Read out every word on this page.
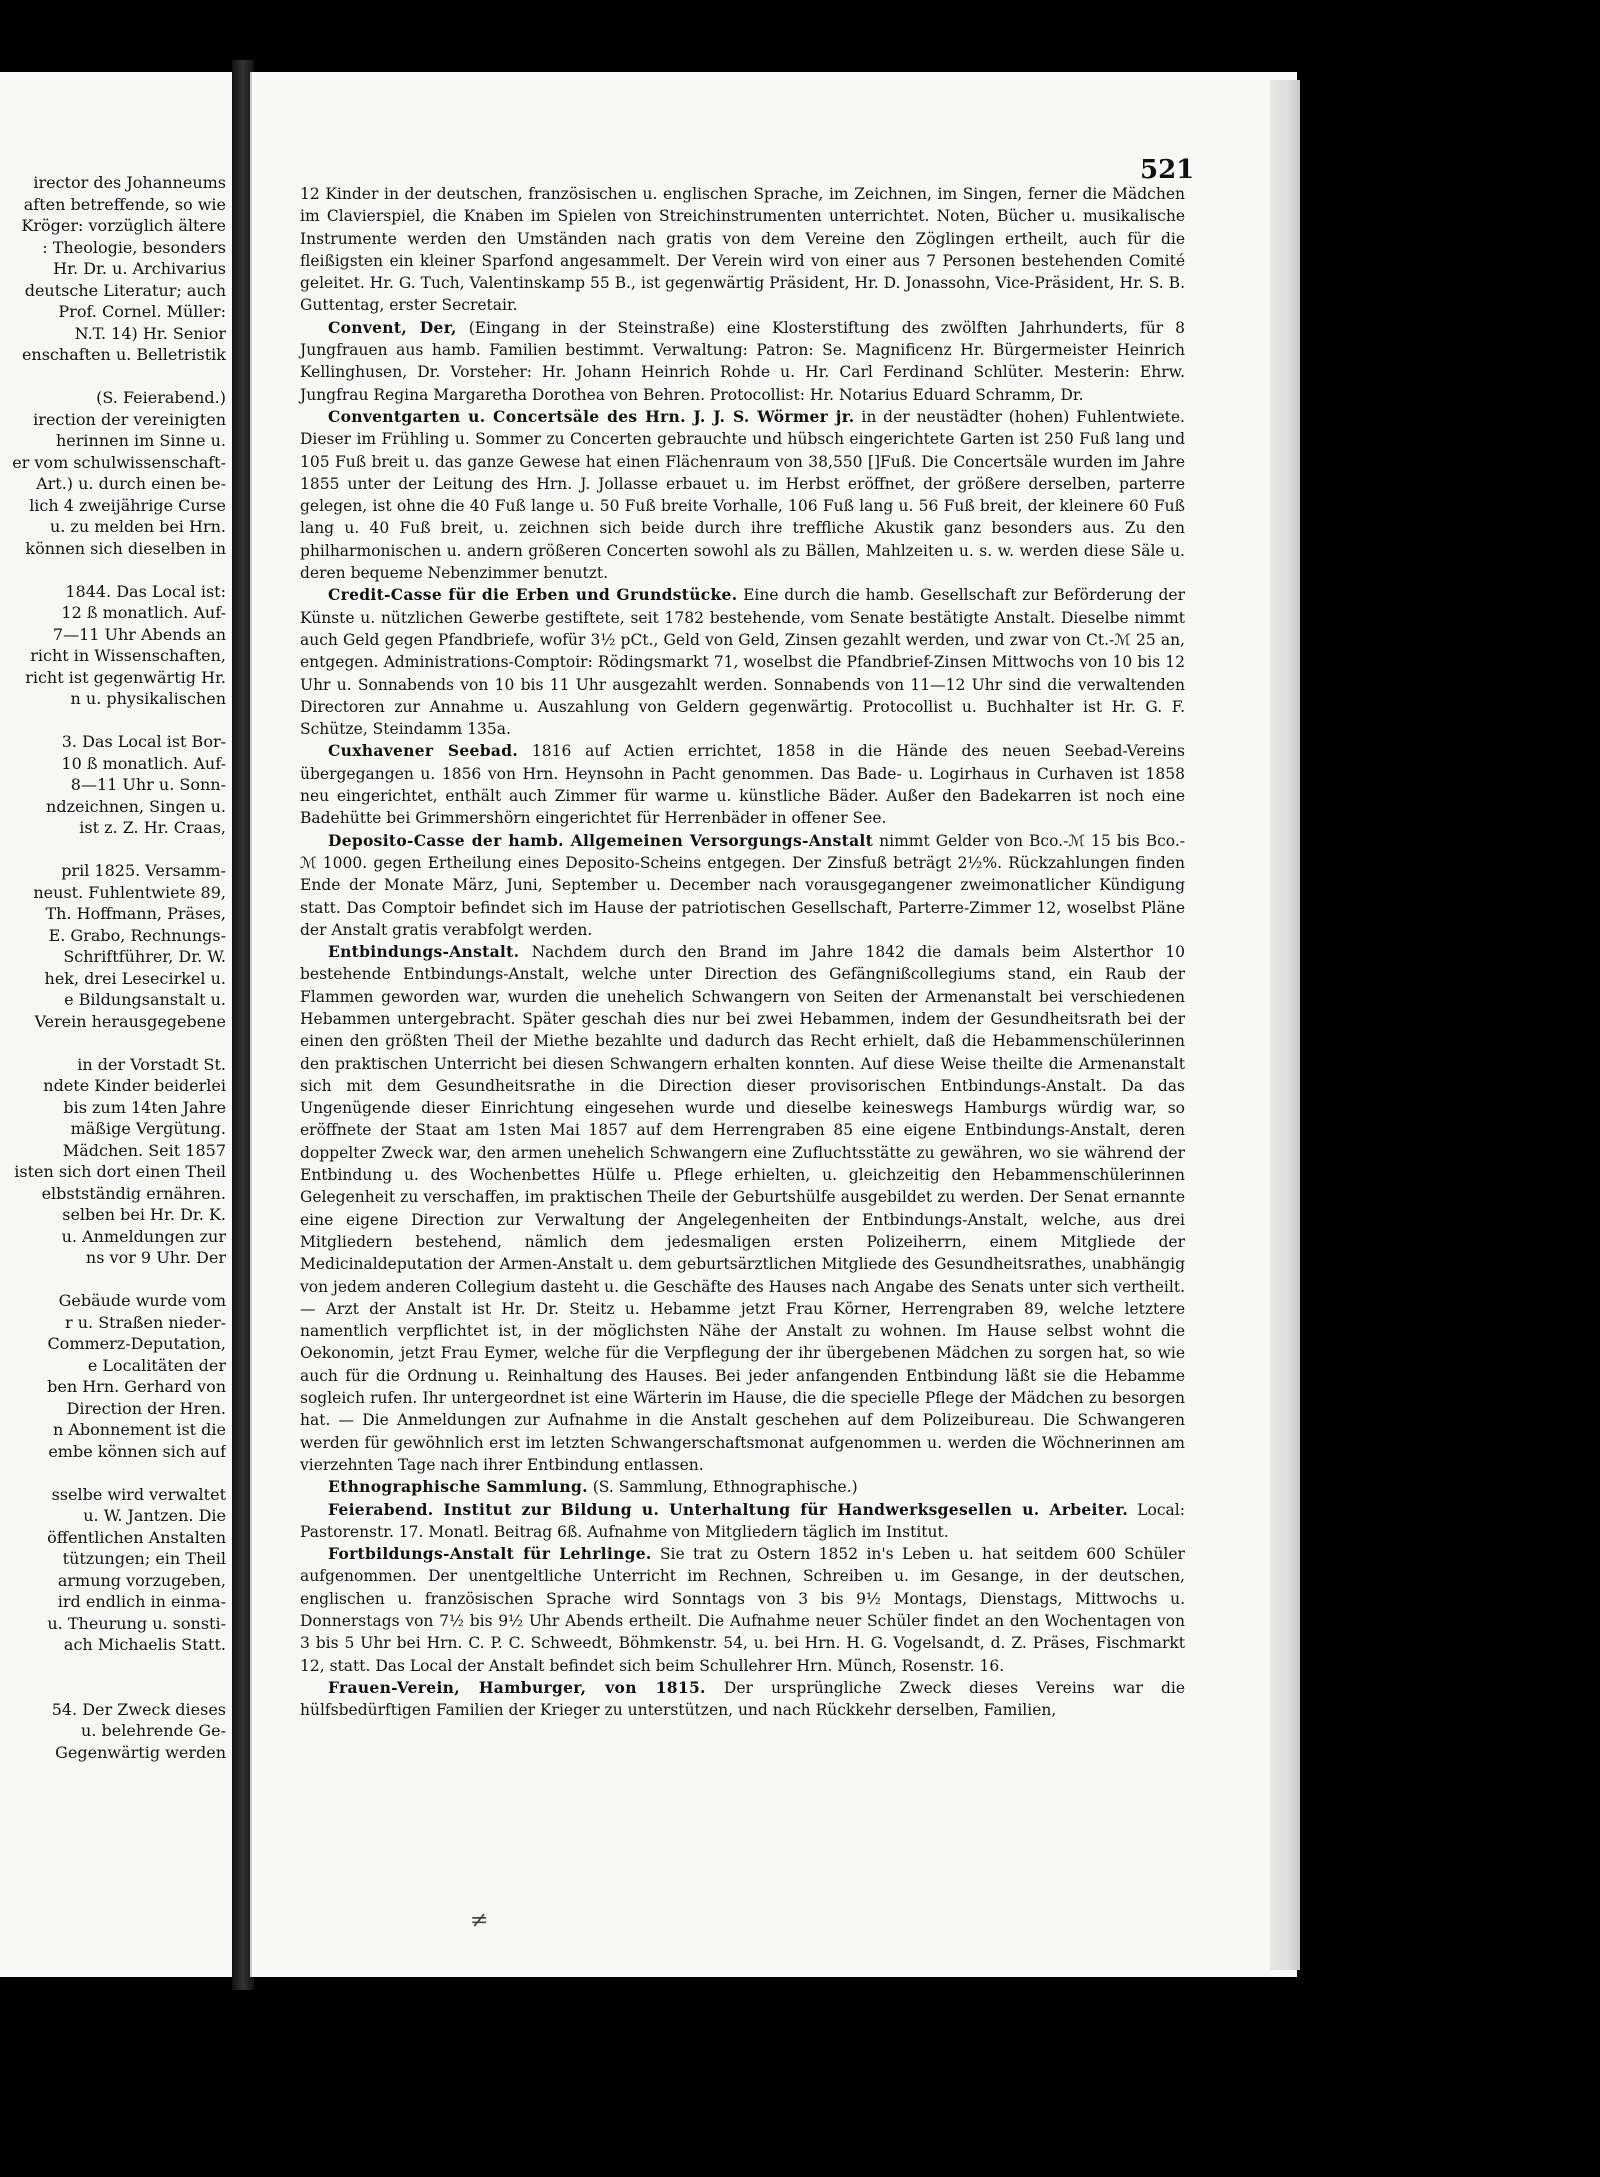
irector des Johanneums
aften betreffende, so wie
Kröger: vorzüglich ältere
: Theologie, besonders
Hr. Dr. u. Archivarius
deutsche Literatur; auch
Prof. Cornel. Müller:
N.T. 14) Hr. Senior
enschaften u. Belletristik
(S. Feierabend.)
irection der vereinigten
herinnen im Sinne u.
er vom schulwissenschaft-
Art.) u. durch einen be-
lich 4 zweijährige Curse
u. zu melden bei Hrn.
können sich dieselben in
1844. Das Local ist:
12 ß monatlich. Auf-
7—11 Uhr Abends an
richt in Wissenschaften,
richt ist gegenwärtig Hr.
n u. physikalischen
3. Das Local ist Bor-
10 ß monatlich. Auf-
8—11 Uhr u. Sonn-
ndzeichnen, Singen u.
ist z. Z. Hr. Craas,
pril 1825. Versamm-
neust. Fuhlentwiete 89,
Th. Hoffmann, Präses,
E. Grabo, Rechnungs-
Schriftführer, Dr. W.
hek, drei Lesecirkel u.
e Bildungsanstalt u.
Verein herausgegebene
in der Vorstadt St.
ndete Kinder beiderlei
bis zum 14ten Jahre
mäßige Vergütung.
Mädchen. Seit 1857
isten sich dort einen Theil
elbstständig ernähren.
selben bei Hr. Dr. K.
u. Anmeldungen zur
ns vor 9 Uhr. Der
Gebäude wurde vom
r u. Straßen nieder-
Commerz-Deputation,
e Localitäten der
ben Hrn. Gerhard von
Direction der Hren.
n Abonnement ist die
embe können sich auf
sselbe wird verwaltet
u. W. Jantzen. Die
öffentlichen Anstalten
tützungen; ein Theil
armung vorzugeben,
ird endlich in einma-
u. Theurung u. sonsti-
ach Michaelis Statt.
54. Der Zweck dieses
u. belehrende Ge-
Gegenwärtig werden
521

12 Kinder in der deutschen, französischen u. englischen Sprache, im Zeichnen, im Singen, ferner die Mädchen im Clavierspiel, die Knaben im Spielen von Streichinstrumenten unterrichtet. Noten, Bücher u. musikalische Instrumente werden den Umständen nach gratis von dem Vereine den Zöglingen ertheilt, auch für die fleißigsten ein kleiner Sparfond angesammelt. Der Verein wird von einer aus 7 Personen bestehenden Comité geleitet. Hr. G. Tuch, Valentinskamp 55 B., ist gegenwärtig Präsident, Hr. D. Jonassohn, Vice-Präsident, Hr. S. B. Guttentag, erster Secretair.

Convent, Der, (Eingang in der Steinstraße) eine Klosterstiftung des zwölften Jahrhunderts, für 8 Jungfrauen aus hamb. Familien bestimmt. Verwaltung: Patron: Se. Magnificenz Hr. Bürgermeister Heinrich Kellinghusen, Dr. Vorsteher: Hr. Johann Heinrich Rohde u. Hr. Carl Ferdinand Schlüter. Mesterin: Ehrw. Jungfrau Regina Margaretha Dorothea von Behren. Protocollist: Hr. Notarius Eduard Schramm, Dr.

Conventgarten u. Concertsäle des Hrn. J. J. S. Wörmer jr. in der neustädter (hohen) Fuhlentwiete. Dieser im Frühling u. Sommer zu Concerten gebrauchte und hübsch eingerichtete Garten ist 250 Fuß lang und 105 Fuß breit u. das ganze Gewese hat einen Flächenraum von 38,550 []Fuß. Die Concertsäle wurden im Jahre 1855 unter der Leitung des Hrn. J. Jollasse erbauet u. im Herbst eröffnet, der größere derselben, parterre gelegen, ist ohne die 40 Fuß lange u. 50 Fuß breite Vorhalle, 106 Fuß lang u. 56 Fuß breit, der kleinere 60 Fuß lang u. 40 Fuß breit, u. zeichnen sich beide durch ihre treffliche Akustik ganz besonders aus. Zu den philharmonischen u. andern größeren Concerten sowohl als zu Bällen, Mahlzeiten u. s. w. werden diese Säle u. deren bequeme Nebenzimmer benutzt.

Credit-Casse für die Erben und Grundstücke. Eine durch die hamb. Gesellschaft zur Beförderung der Künste u. nützlichen Gewerbe gestiftete, seit 1782 bestehende, vom Senate bestätigte Anstalt. Dieselbe nimmt auch Geld gegen Pfandbriefe, wofür 3½ pCt., Geld von Geld, Zinsen gezahlt werden, und zwar von Ct.-ℳ 25 an, entgegen. Administrations-Comptoir: Rödingsmarkt 71, woselbst die Pfandbrief-Zinsen Mittwochs von 10 bis 12 Uhr u. Sonnabends von 10 bis 11 Uhr ausgezahlt werden. Sonnabends von 11—12 Uhr sind die verwaltenden Directoren zur Annahme u. Auszahlung von Geldern gegenwärtig. Protocollist u. Buchhalter ist Hr. G. F. Schütze, Steindamm 135a.

Cuxhavener Seebad. 1816 auf Actien errichtet, 1858 in die Hände des neuen Seebad-Vereins übergegangen u. 1856 von Hrn. Heynsohn in Pacht genommen. Das Bade- u. Logirhaus in Curhaven ist 1858 neu eingerichtet, enthält auch Zimmer für warme u. künstliche Bäder. Außer den Badekarren ist noch eine Badehütte bei Grimmershörn eingerichtet für Herrenbäder in offener See.

Deposito-Casse der hamb. Allgemeinen Versorgungs-Anstalt nimmt Gelder von Bco.-ℳ 15 bis Bco.-ℳ 1000. gegen Ertheilung eines Deposito-Scheins entgegen. Der Zinsfuß beträgt 2½%. Rückzahlungen finden Ende der Monate März, Juni, September u. December nach vorausgegangener zweimonatlicher Kündigung statt. Das Comptoir befindet sich im Hause der patriotischen Gesellschaft, Parterre-Zimmer 12, woselbst Pläne der Anstalt gratis verabfolgt werden.

Entbindungs-Anstalt. Nachdem durch den Brand im Jahre 1842 die damals beim Alsterthor 10 bestehende Entbindungs-Anstalt, welche unter Direction des Gefängnißcollegiums stand, ein Raub der Flammen geworden war, wurden die unehelich Schwangern von Seiten der Armenanstalt bei verschiedenen Hebammen untergebracht. Später geschah dies nur bei zwei Hebammen, indem der Gesundheitsrath bei der einen den größten Theil der Miethe bezahlte und dadurch das Recht erhielt, daß die Hebammenschülerinnen den praktischen Unterricht bei diesen Schwangern erhalten konnten. Auf diese Weise theilte die Armenanstalt sich mit dem Gesundheitsrathe in die Direction dieser provisorischen Entbindungs-Anstalt. Da das Ungenügende dieser Einrichtung eingesehen wurde und dieselbe keineswegs Hamburgs würdig war, so eröffnete der Staat am 1sten Mai 1857 auf dem Herrengraben 85 eine eigene Entbindungs-Anstalt, deren doppelter Zweck war, den armen unehelich Schwangern eine Zufluchtsstätte zu gewähren, wo sie während der Entbindung u. des Wochenbettes Hülfe u. Pflege erhielten, u. gleichzeitig den Hebammenschülerinnen Gelegenheit zu verschaffen, im praktischen Theile der Geburtshülfe ausgebildet zu werden. Der Senat ernannte eine eigene Direction zur Verwaltung der Angelegenheiten der Entbindungs-Anstalt, welche, aus drei Mitgliedern bestehend, nämlich dem jedesmaligen ersten Polizeiherrn, einem Mitgliede der Medicinaldeputation der Armen-Anstalt u. dem geburtsärztlichen Mitgliede des Gesundheitsrathes, unabhängig von jedem anderen Collegium dasteht u. die Geschäfte des Hauses nach Angabe des Senats unter sich vertheilt. — Arzt der Anstalt ist Hr. Dr. Steitz u. Hebamme jetzt Frau Körner, Herrengraben 89, welche letztere namentlich verpflichtet ist, in der möglichsten Nähe der Anstalt zu wohnen. Im Hause selbst wohnt die Oekonomin, jetzt Frau Eymer, welche für die Verpflegung der ihr übergebenen Mädchen zu sorgen hat, so wie auch für die Ordnung u. Reinhaltung des Hauses. Bei jeder anfangenden Entbindung läßt sie die Hebamme sogleich rufen. Ihr untergeordnet ist eine Wärterin im Hause, die die specielle Pflege der Mädchen zu besorgen hat. — Die Anmeldungen zur Aufnahme in die Anstalt geschehen auf dem Polizeibureau. Die Schwangeren werden für gewöhnlich erst im letzten Schwangerschaftsmonat aufgenommen u. werden die Wöchnerinnen am vierzehnten Tage nach ihrer Entbindung entlassen.

Ethnographische Sammlung. (S. Sammlung, Ethnographische.)

Feierabend. Institut zur Bildung u. Unterhaltung für Handwerksgesellen u. Arbeiter. Local: Pastorenstr. 17. Monatl. Beitrag 6ß. Aufnahme von Mitgliedern täglich im Institut.

Fortbildungs-Anstalt für Lehrlinge. Sie trat zu Ostern 1852 in's Leben u. hat seitdem 600 Schüler aufgenommen. Der unentgeltliche Unterricht im Rechnen, Schreiben u. im Gesange, in der deutschen, englischen u. französischen Sprache wird Sonntags von 3 bis 9½ Montags, Dienstags, Mittwochs u. Donnerstags von 7½ bis 9½ Uhr Abends ertheilt. Die Aufnahme neuer Schüler findet an den Wochentagen von 3 bis 5 Uhr bei Hrn. C. P. C. Schweedt, Böhmkenstr. 54, u. bei Hrn. H. G. Vogelsandt, d. Z. Präses, Fischmarkt 12, statt. Das Local der Anstalt befindet sich beim Schullehrer Hrn. Münch, Rosenstr. 16.

Frauen-Verein, Hamburger, von 1815. Der ursprüngliche Zweck dieses Vereins war die hülfsbedürftigen Familien der Krieger zu unterstützen, und nach Rückkehr derselben, Familien,

≠
